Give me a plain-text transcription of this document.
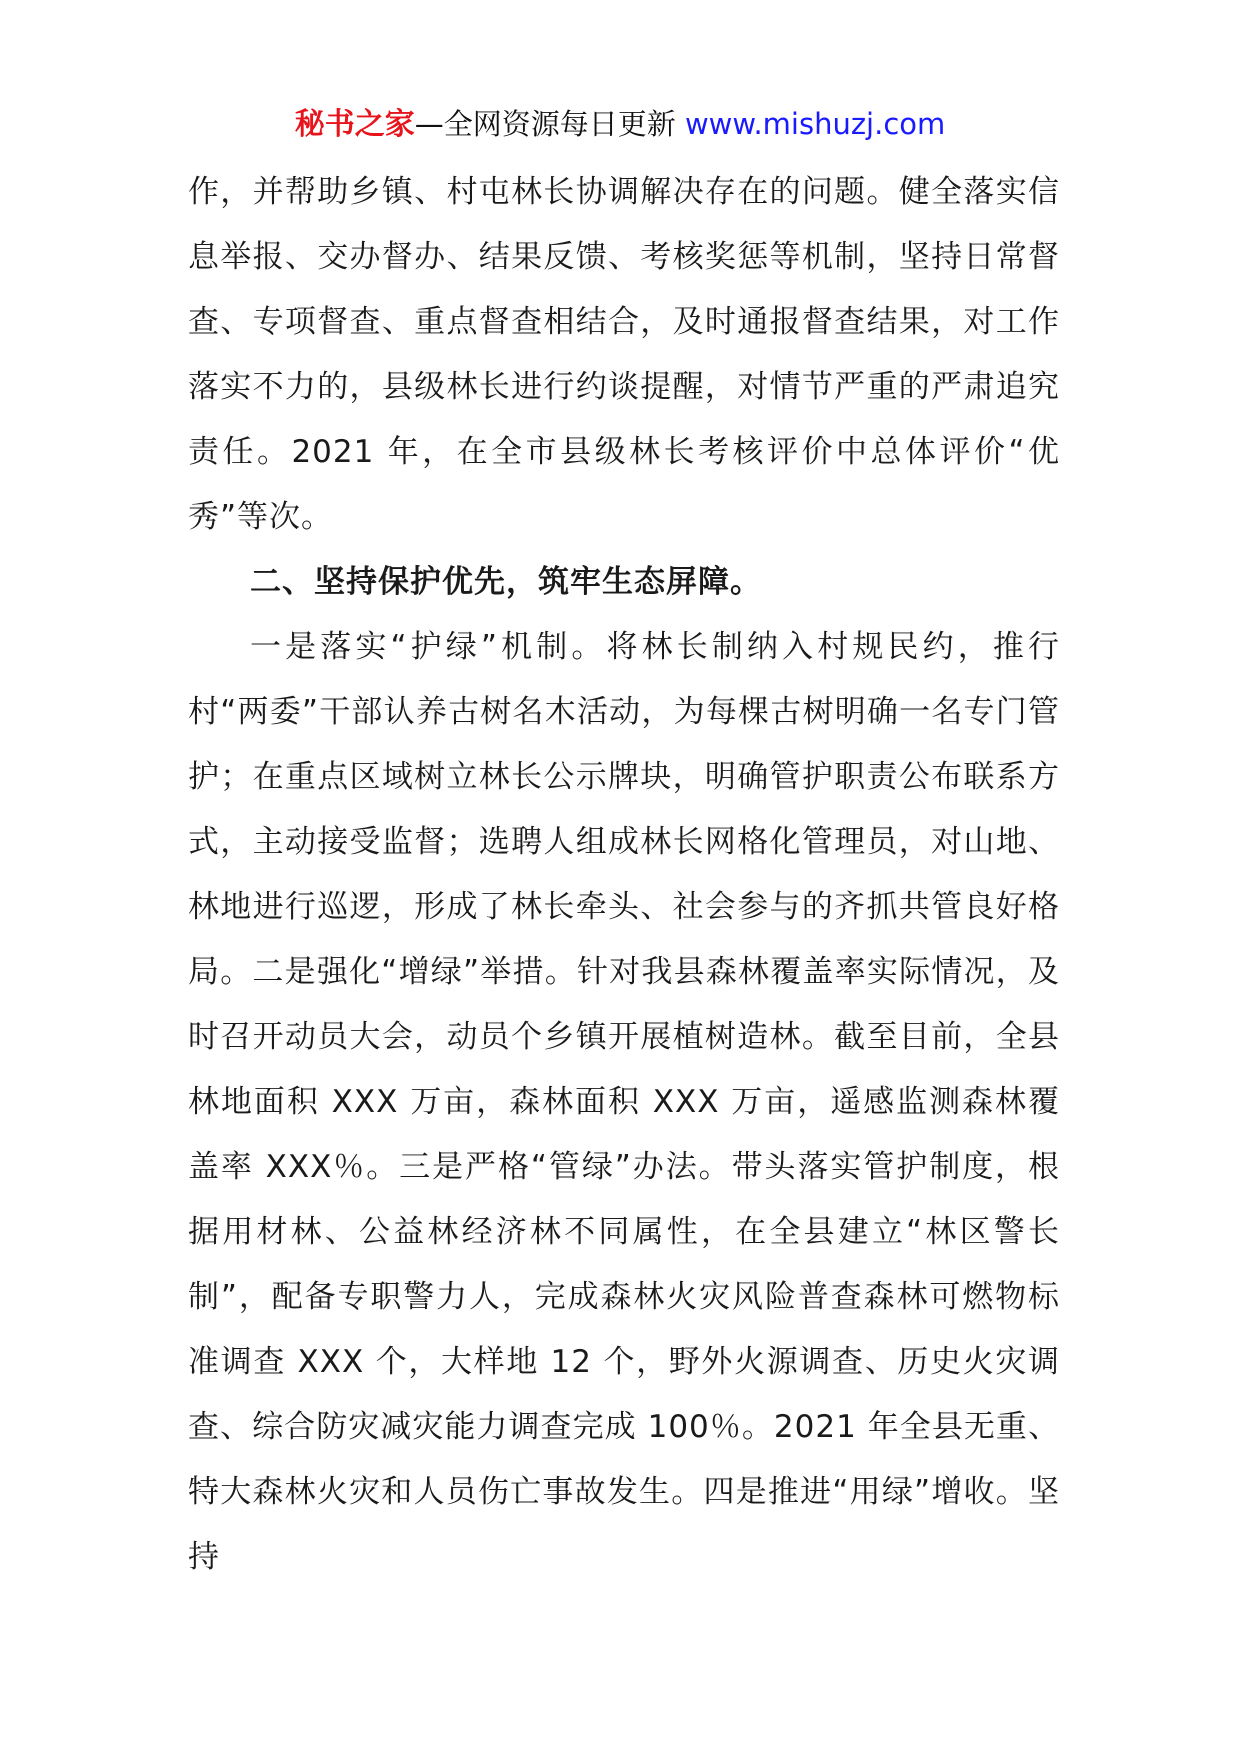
秘书之家—全网资源每日更新 www.mishuzj.com

作，并帮助乡镇、村屯林长协调解决存在的问题。健全落实信息举报、交办督办、结果反馈、考核奖惩等机制，坚持日常督查、专项督查、重点督查相结合，及时通报督查结果，对工作落实不力的，县级林长进行约谈提醒，对情节严重的严肃追究责任。2021 年，在全市县级林长考核评价中总体评价“优秀”等次。

二、坚持保护优先，筑牢生态屏障。

一是落实“护绿”机制。将林长制纳入村规民约，推行村“两委”干部认养古树名木活动，为每棵古树明确一名专门管护；在重点区域树立林长公示牌块，明确管护职责公布联系方式，主动接受监督；选聘人组成林长网格化管理员，对山地、林地进行巡逻，形成了林长牵头、社会参与的齐抓共管良好格局。二是强化“增绿”举措。针对我县森林覆盖率实际情况，及时召开动员大会，动员个乡镇开展植树造林。截至目前，全县林地面积 XXX 万亩，森林面积 XXX 万亩，遥感监测森林覆盖率 XXX％。三是严格“管绿”办法。带头落实管护制度，根据用材林、公益林经济林不同属性，在全县建立“林区警长制”，配备专职警力人，完成森林火灾风险普查森林可燃物标准调查 XXX 个，大样地 12 个，野外火源调查、历史火灾调查、综合防灾减灾能力调查完成 100％。2021 年全县无重、特大森林火灾和人员伤亡事故发生。四是推进“用绿”增收。坚持
